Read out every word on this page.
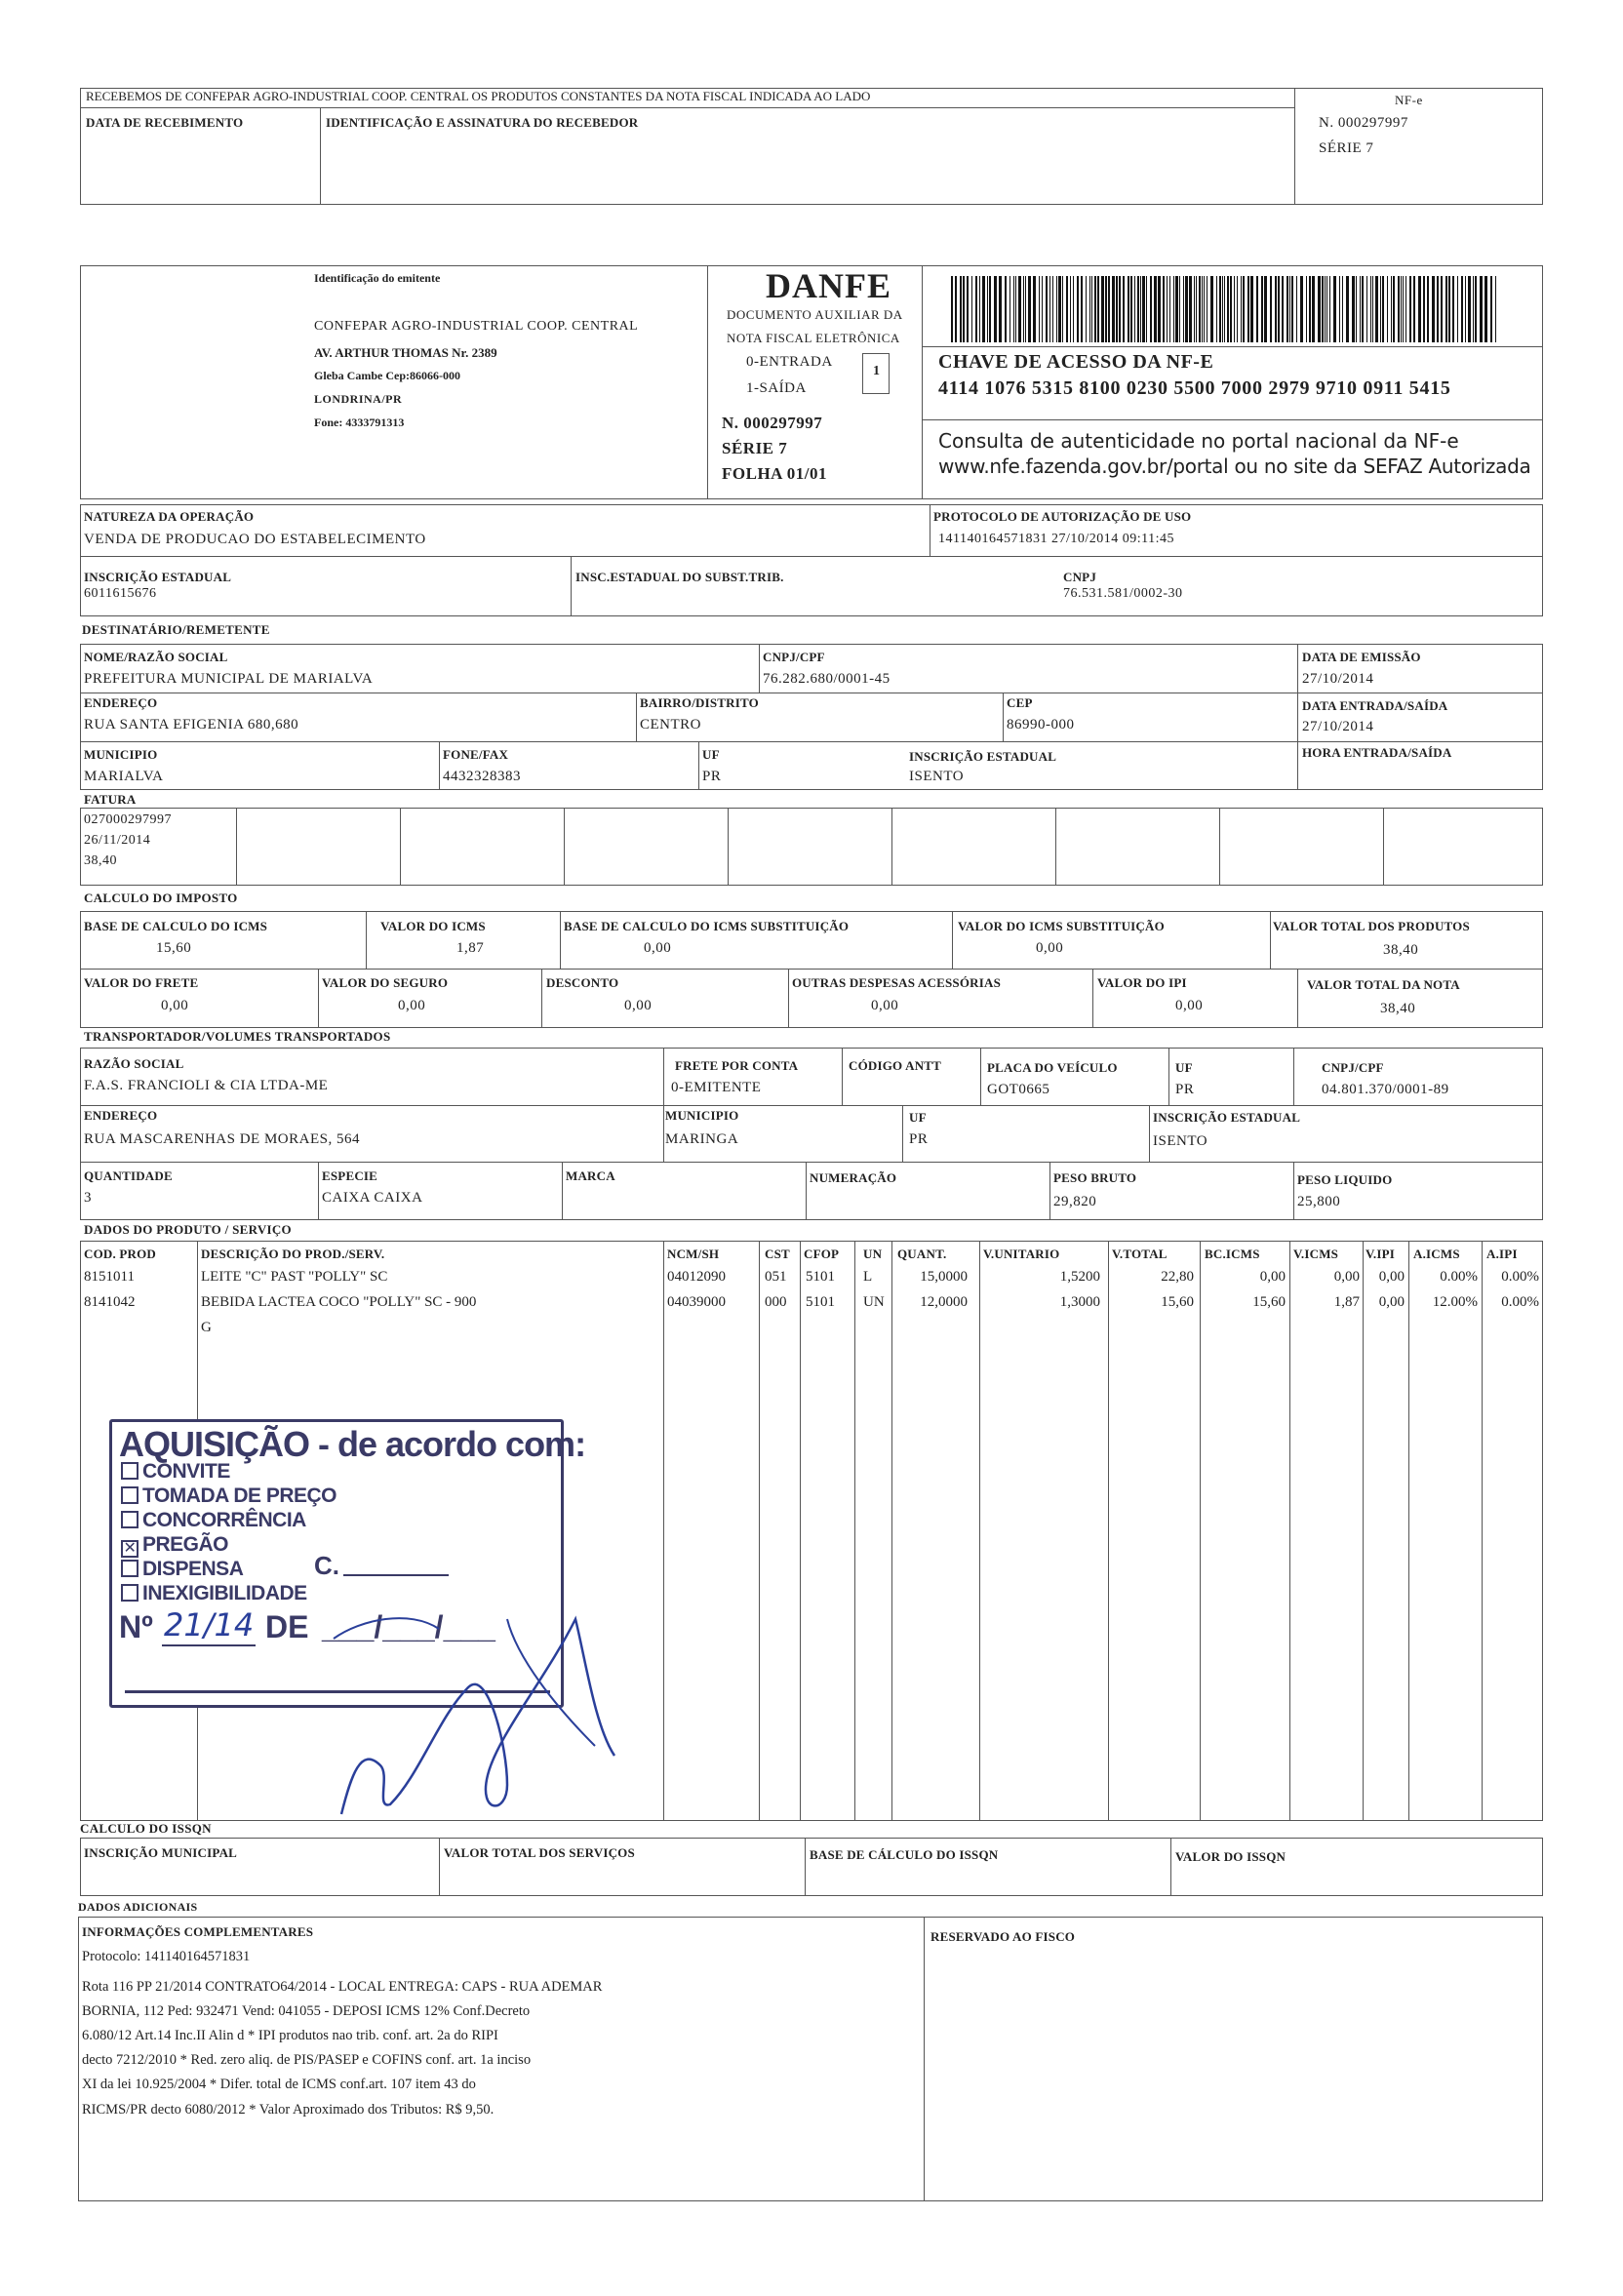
RECEBEMOS DE CONFEPAR AGRO-INDUSTRIAL COOP. CENTRAL OS PRODUTOS CONSTANTES DA NOTA FISCAL INDICADA AO LADO
DATA DE RECEBIMENTO	IDENTIFICAÇÃO E ASSINATURA DO RECEBEDOR
NF-e
N. 000297997
SÉRIE 7
Identificação do emitente
CONFEPAR AGRO-INDUSTRIAL COOP. CENTRAL
AV. ARTHUR THOMAS Nr. 2389
Gleba Cambe Cep:86066-000
LONDRINA/PR
Fone: 4333791313
DANFE
DOCUMENTO AUXILIAR DA
NOTA FISCAL ELETRÔNICA
0-ENTRADA
1-SAÍDA
1
N. 000297997
SÉRIE 7
FOLHA 01/01
CHAVE DE ACESSO DA NF-E
4114 1076 5315 8100 0230 5500 7000 2979 9710 0911 5415
Consulta de autenticidade no portal nacional da NF-e
www.nfe.fazenda.gov.br/portal ou no site da SEFAZ Autorizada
NATUREZA DA OPERAÇÃO
VENDA DE PRODUCAO DO ESTABELECIMENTO
PROTOCOLO DE AUTORIZAÇÃO DE USO
141140164571831 27/10/2014 09:11:45
INSCRIÇÃO ESTADUAL
6011615676
INSC.ESTADUAL DO SUBST.TRIB.	CNPJ
76.531.581/0002-30
DESTINATÁRIO/REMETENTE
NOME/RAZÃO SOCIAL
PREFEITURA MUNICIPAL DE MARIALVA
CNPJ/CPF
76.282.680/0001-45
DATA DE EMISSÃO
27/10/2014
ENDEREÇO
RUA SANTA EFIGENIA 680,680
BAIRRO/DISTRITO
CENTRO
CEP
86990-000
DATA ENTRADA/SAÍDA
27/10/2014
MUNICIPIO
MARIALVA
FONE/FAX
4432328383
UF
PR
INSCRIÇÃO ESTADUAL
ISENTO
HORA ENTRADA/SAÍDA
FATURA
027000297997
26/11/2014
38,40
CALCULO DO IMPOSTO
BASE DE CALCULO DO ICMS
15,60
VALOR DO ICMS
1,87
BASE DE CALCULO DO ICMS SUBSTITUIÇÃO
0,00
VALOR DO ICMS SUBSTITUIÇÃO
0,00
VALOR TOTAL DOS PRODUTOS
38,40
VALOR DO FRETE
0,00
VALOR DO SEGURO
0,00
DESCONTO
0,00
OUTRAS DESPESAS ACESSÓRIAS
0,00
VALOR DO IPI
0,00
VALOR TOTAL DA NOTA
38,40
TRANSPORTADOR/VOLUMES TRANSPORTADOS
RAZÃO SOCIAL
F.A.S. FRANCIOLI & CIA LTDA-ME
FRETE POR CONTA
0-EMITENTE
CÓDIGO ANTT	PLACA DO VEÍCULO
GOT0665
UF
PR
CNPJ/CPF
04.801.370/0001-89
ENDEREÇO
RUA MASCARENHAS DE MORAES, 564
MUNICIPIO
MARINGA
UF
PR
INSCRIÇÃO ESTADUAL
ISENTO
QUANTIDADE
3
ESPECIE
CAIXA CAIXA
MARCA	NUMERAÇÃO	PESO BRUTO
29,820
PESO LIQUIDO
25,800
DADOS DO PRODUTO / SERVIÇO
COD. PROD	DESCRIÇÃO DO PROD./SERV.	NCM/SH	CST CFOP UN QUANT.	V.UNITARIO	V.TOTAL	BC.ICMS	V.ICMS V.IPI A.ICMS A.IPI
8151011	LEITE "C" PAST "POLLY" SC	04012090	051 5101 L	15,0000	1,5200	22,80	0,00	0,00 0,00 0.00% 0.00%
8141042	BEBIDA LACTEA COCO "POLLY" SC - 900	04039000	000 5101 UN 12,0000	1,3000	15,60	15,60	1,87 0,00 12.00% 0.00%
G
AQUISIÇÃO - de acordo com:
CONVITE
TOMADA DE PREÇO
CONCORRÊNCIA
✕ PREGÃO
DISPENSA
INEXIGIBILIDADE
C.
Nº 21/14 DE ___/___/___
CALCULO DO ISSQN
INSCRIÇÃO MUNICIPAL	VALOR TOTAL DOS SERVIÇOS	BASE DE CÁLCULO DO ISSQN	VALOR DO ISSQN
DADOS ADICIONAIS
INFORMAÇÕES COMPLEMENTARES	RESERVADO AO FISCO
Protocolo: 141140164571831
Rota 116 PP 21/2014 CONTRATO64/2014 - LOCAL ENTREGA: CAPS - RUA ADEMAR
BORNIA, 112 Ped: 932471 Vend: 041055 - DEPOSI ICMS 12% Conf.Decreto
6.080/12 Art.14 Inc.II Alin d * IPI produtos nao trib. conf. art. 2a do RIPI
decto 7212/2010 * Red. zero aliq. de PIS/PASEP e COFINS conf. art. 1a inciso
XI da lei 10.925/2004 * Difer. total de ICMS conf.art. 107 item 43 do
RICMS/PR decto 6080/2012 * Valor Aproximado dos Tributos: R$ 9,50.
